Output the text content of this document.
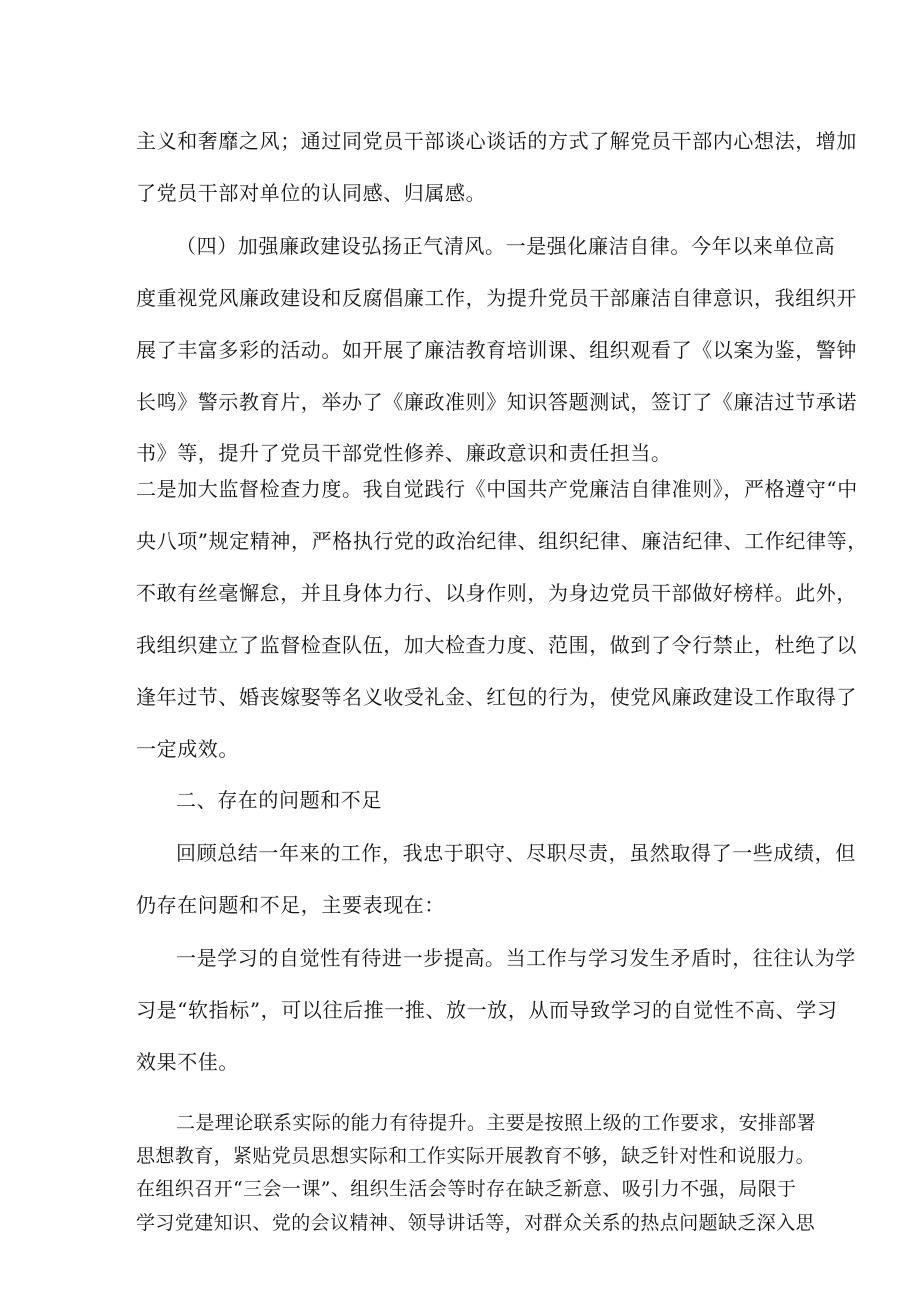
主义和奢靡之风；通过同党员干部谈心谈话的方式了解党员干部内心想法，增加

了党员干部对单位的认同感、归属感。

（四）加强廉政建设弘扬正气清风。一是强化廉洁自律。今年以来单位高

度重视党风廉政建设和反腐倡廉工作，为提升党员干部廉洁自律意识，我组织开

展了丰富多彩的活动。如开展了廉洁教育培训课、组织观看了《以案为鉴，警钟

长鸣》警示教育片，举办了《廉政准则》知识答题测试，签订了《廉洁过节承诺

书》等，提升了党员干部党性修养、廉政意识和责任担当。

二是加大监督检查力度。我自觉践行《中国共产党廉洁自律准则》，严格遵守“中

央八项”规定精神，严格执行党的政治纪律、组织纪律、廉洁纪律、工作纪律等，

不敢有丝毫懈怠，并且身体力行、以身作则，为身边党员干部做好榜样。此外，

我组织建立了监督检查队伍，加大检查力度、范围，做到了令行禁止，杜绝了以

逢年过节、婚丧嫁娶等名义收受礼金、红包的行为，使党风廉政建设工作取得了

一定成效。

二、存在的问题和不足

回顾总结一年来的工作，我忠于职守、尽职尽责，虽然取得了一些成绩，但

仍存在问题和不足，主要表现在：

一是学习的自觉性有待进一步提高。当工作与学习发生矛盾时，往往认为学

习是“软指标”，可以往后推一推、放一放，从而导致学习的自觉性不高、学习

效果不佳。

二是理论联系实际的能力有待提升。主要是按照上级的工作要求，安排部署

思想教育，紧贴党员思想实际和工作实际开展教育不够，缺乏针对性和说服力。

在组织召开“三会一课”、组织生活会等时存在缺乏新意、吸引力不强，局限于

学习党建知识、党的会议精神、领导讲话等，对群众关系的热点问题缺乏深入思
